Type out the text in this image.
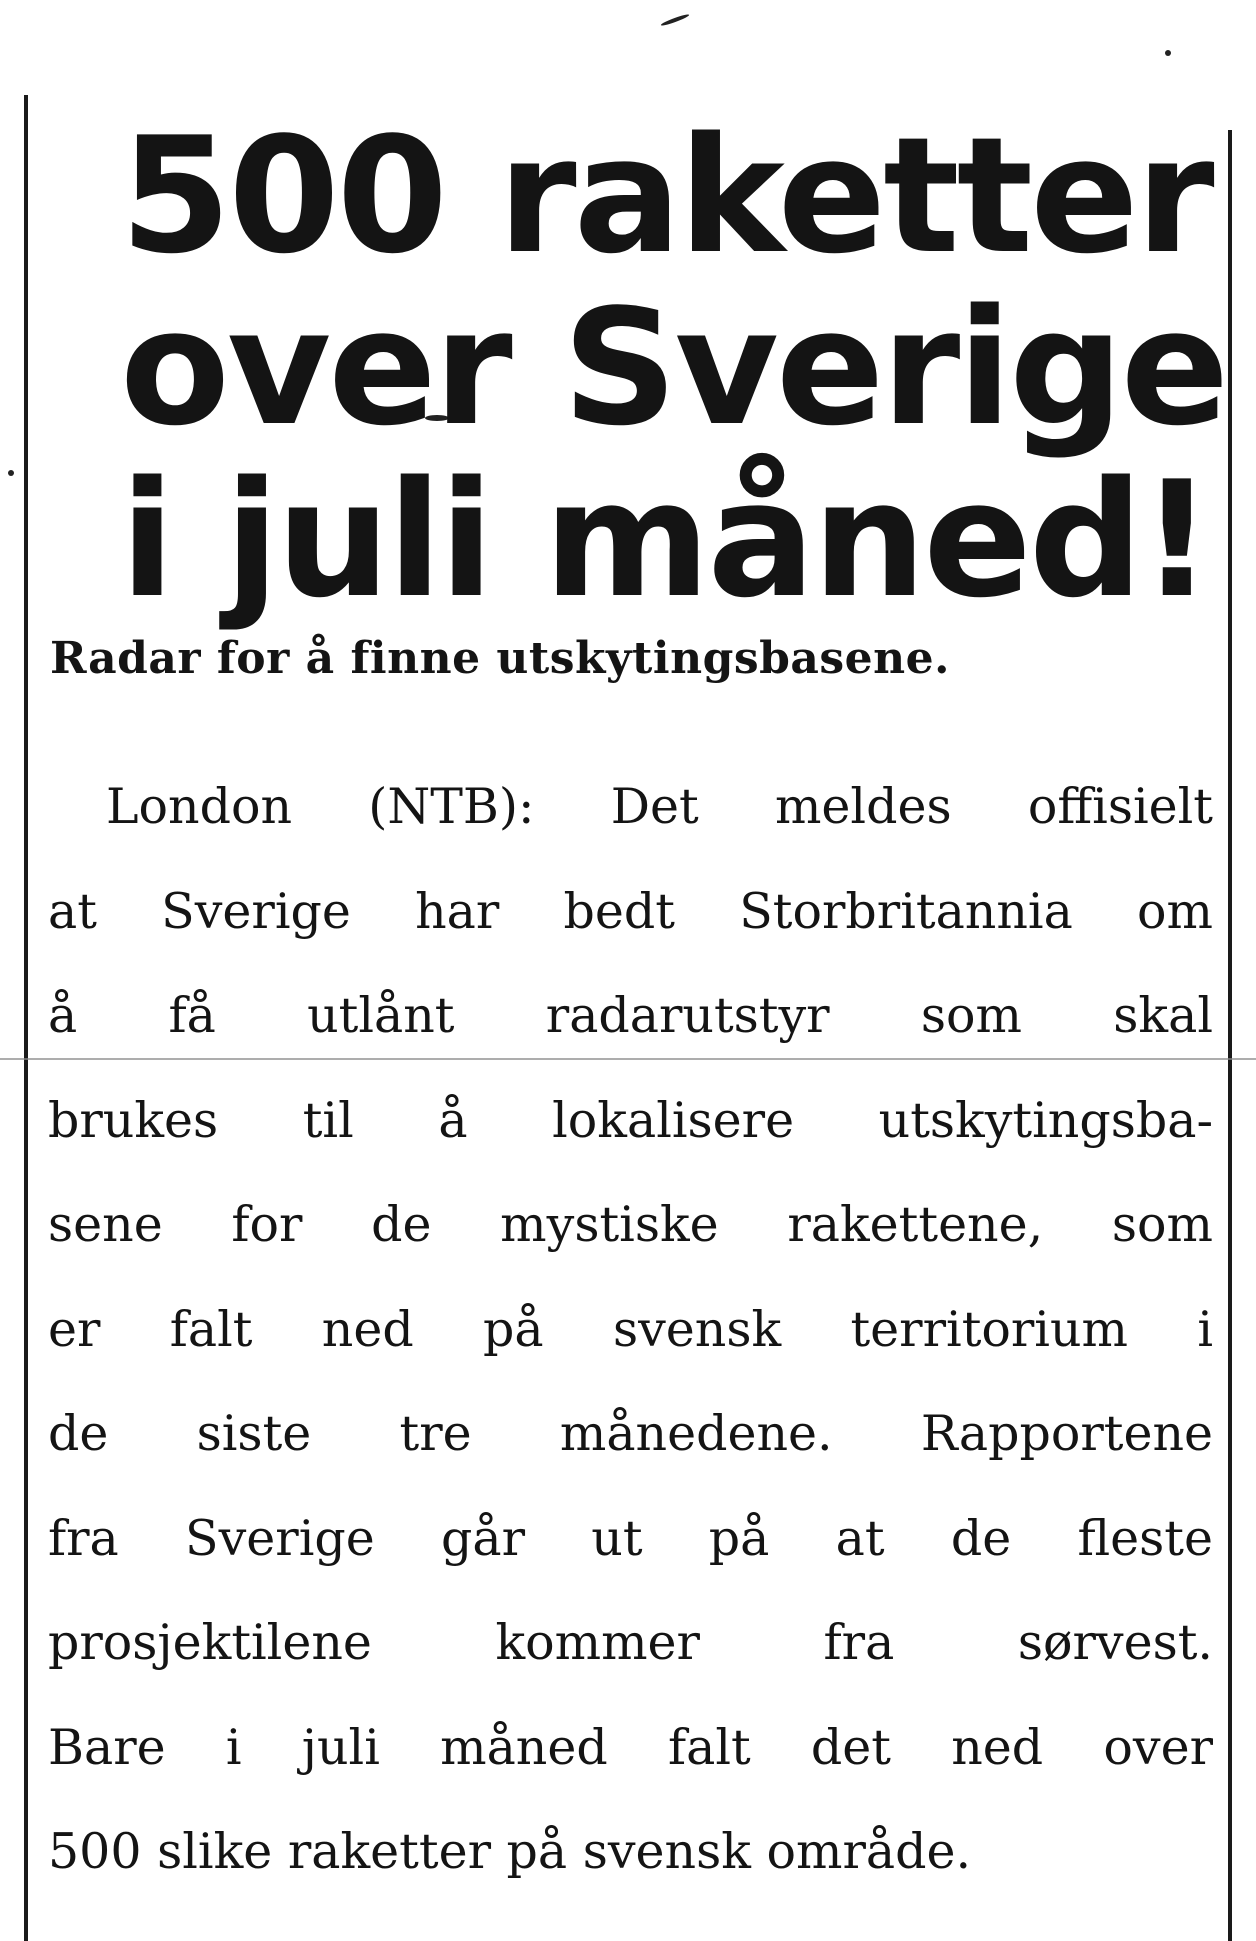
500 raketter
over Sverige
i juli måned!

Radar for å finne utskytingsbasene.

London (NTB): Det meldes offisielt
at Sverige har bedt Storbritannia om
å få utlånt radarutstyr som skal
brukes til å lokalisere utskytingsba-
sene for de mystiske rakettene, som
er falt ned på svensk territorium i
de siste tre månedene. Rapportene
fra Sverige går ut på at de fleste
prosjektilene kommer fra sørvest.
Bare i juli måned falt det ned over
500 slike raketter på svensk område.
